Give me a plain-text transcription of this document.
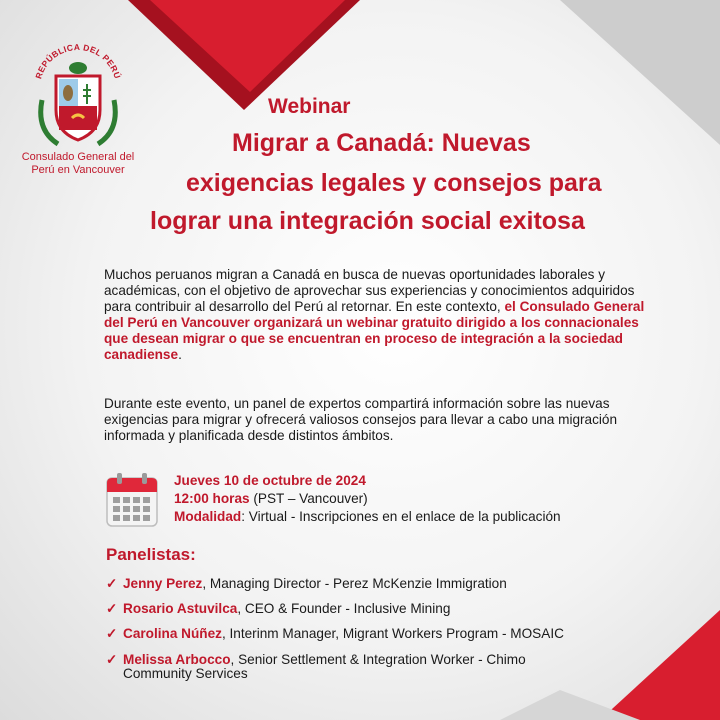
REPÚBLICA DEL PERÚ
Consulado General del
Perú en Vancouver
Webinar
Migrar a Canadá: Nuevas
exigencias legales y consejos para
lograr una integración social exitosa
Muchos peruanos migran a Canadá en busca de nuevas oportunidades laborales y académicas, con el objetivo de aprovechar sus experiencias y conocimientos adquiridos para contribuir al desarrollo del Perú al retornar. En este contexto, el Consulado General del Perú en Vancouver organizará un webinar gratuito dirigido a los connacionales que desean migrar o que se encuentran en proceso de integración a la sociedad canadiense.
Durante este evento, un panel de expertos compartirá información sobre las nuevas exigencias para migrar y ofrecerá valiosos consejos para llevar a cabo una migración informada y planificada desde distintos ámbitos.
Jueves 10 de octubre de 2024
12:00 horas (PST – Vancouver)
Modalidad: Virtual - Inscripciones en el enlace de la publicación
Panelistas:
✓ Jenny Perez, Managing Director - Perez McKenzie Immigration
✓ Rosario Astuvilca, CEO & Founder - Inclusive Mining
✓ Carolina Núñez, Interinm Manager, Migrant Workers Program - MOSAIC
✓ Melissa Arbocco, Senior Settlement & Integration Worker - Chimo
Community Services
